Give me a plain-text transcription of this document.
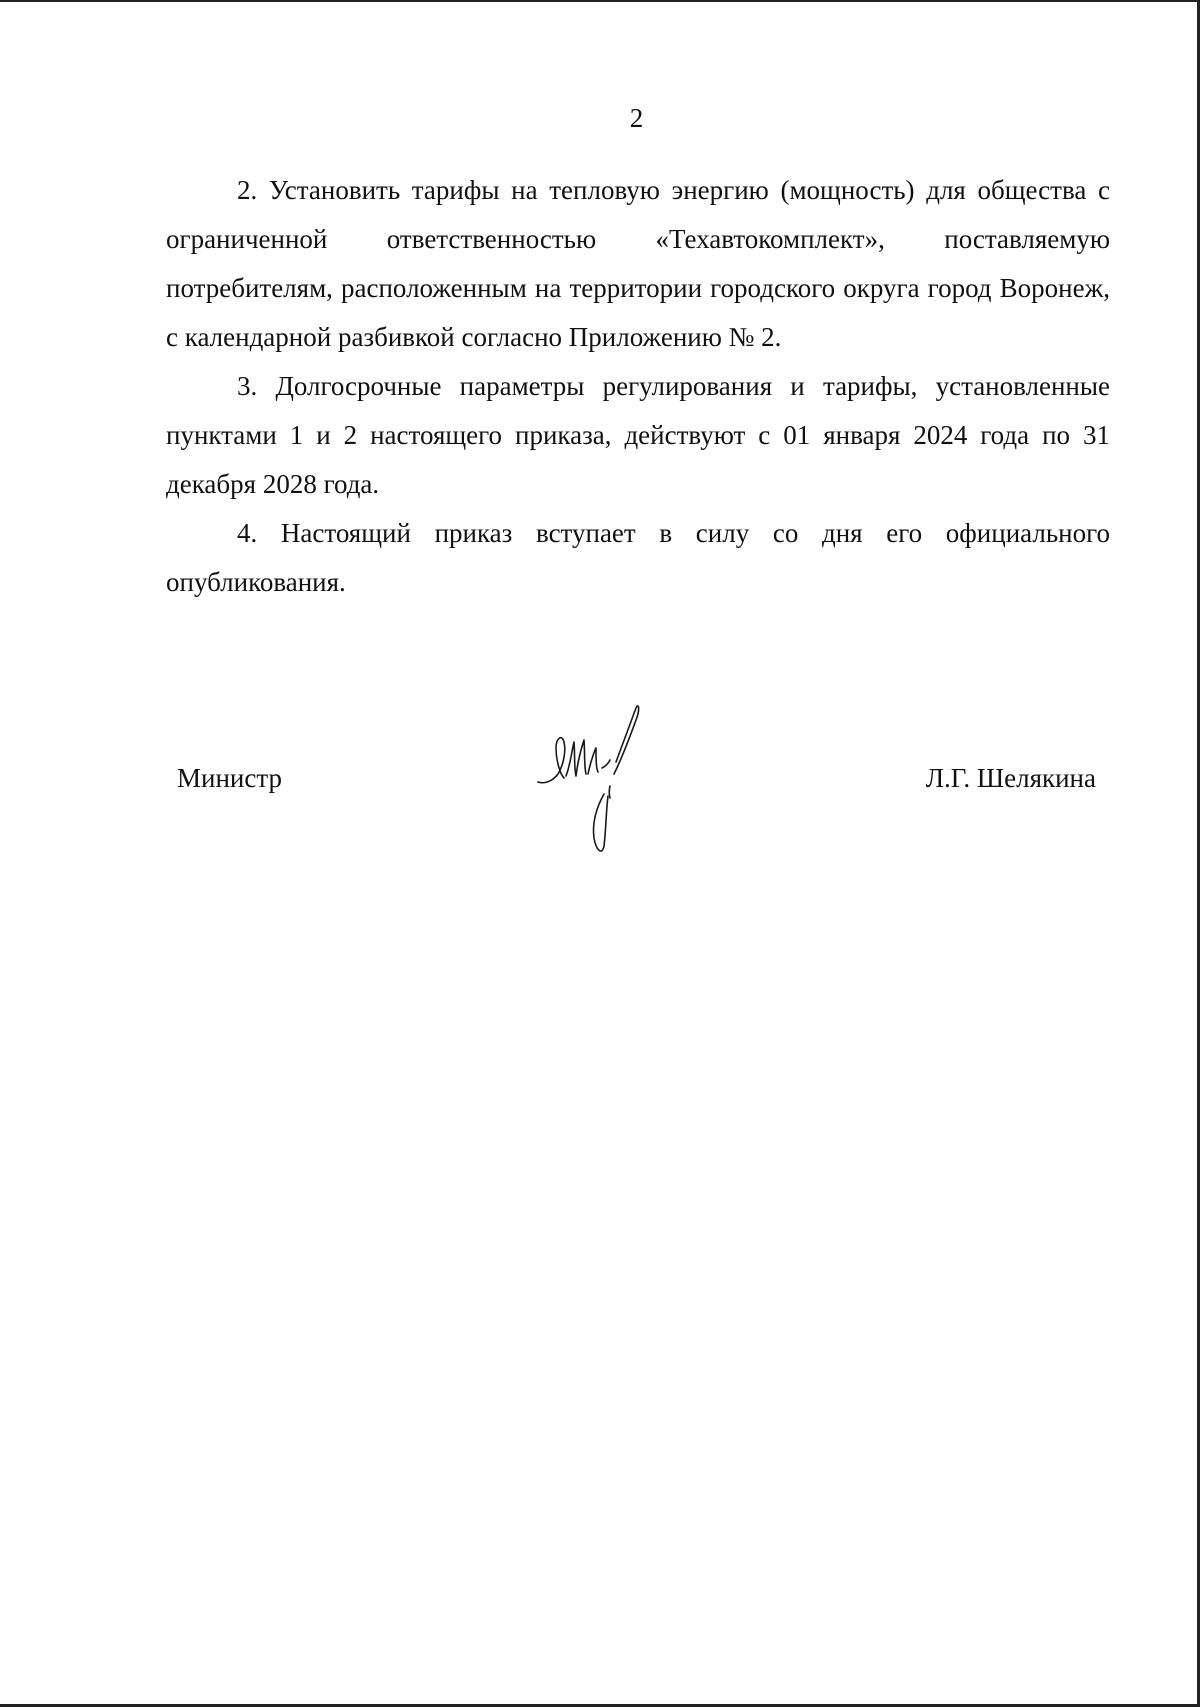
2

2. Установить тарифы на тепловую энергию (мощность) для общества с ограниченной ответственностью «Техавтокомплект», поставляемую потребителям, расположенным на территории городского округа город Воронеж, с календарной разбивкой согласно Приложению № 2.

3. Долгосрочные параметры регулирования и тарифы, установленные пунктами 1 и 2 настоящего приказа, действуют с 01 января 2024 года по 31 декабря 2028 года.

4. Настоящий приказ вступает в силу со дня его официального опубликования.

Министр	Л.Г. Шелякина
